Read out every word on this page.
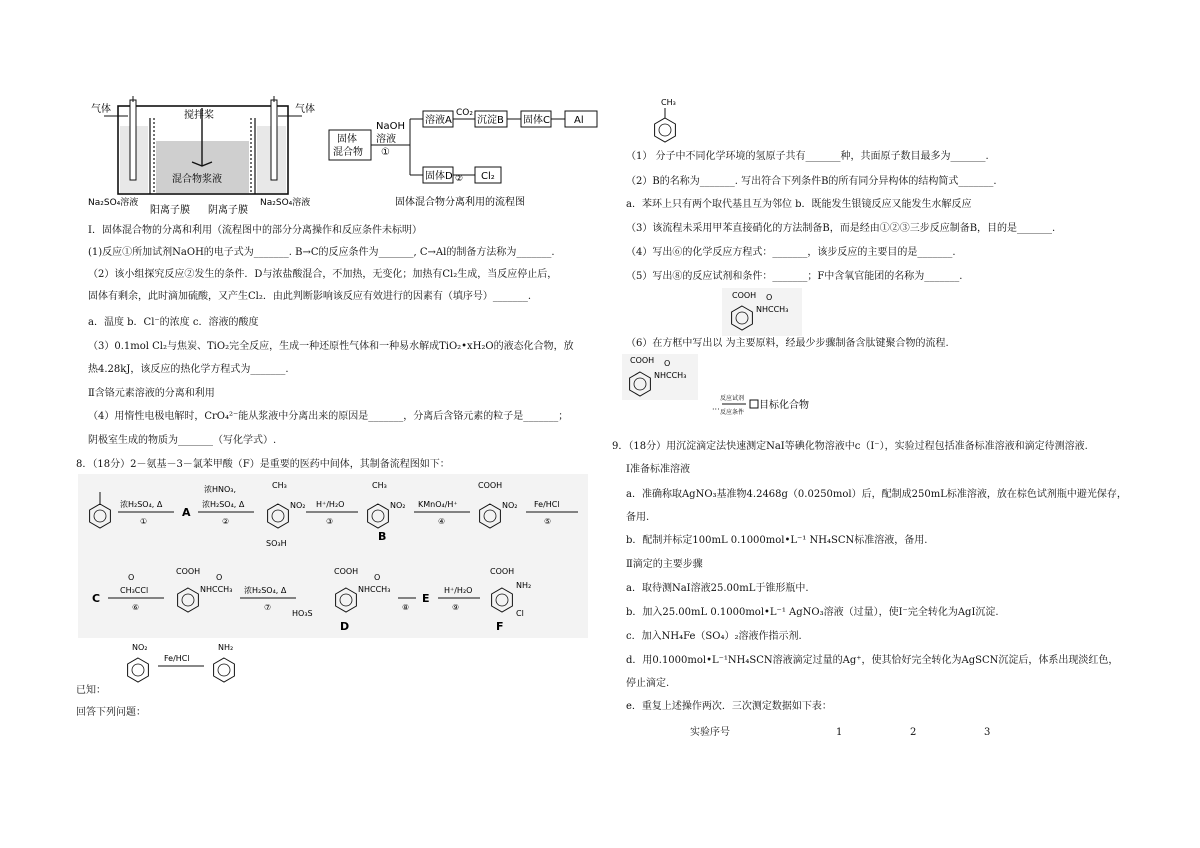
气体	气体
搅拌桨
混合物浆液
Na₂SO₄溶液	Na₂SO₄溶液
阳离子膜 阴离子膜
固体
混合物
NaOH
溶液
①
溶液A
CO₂
沉淀B 固体C Al
固体D ② Cl₂
固体混合物分离利用的流程图
Ⅰ．固体混合物的分离和利用（流程图中的部分分离操作和反应条件未标明）
(1)反应①所加试剂NaOH的电子式为_______. B→C的反应条件为_______, C→Al的制备方法称为_______.
（2）该小组探究反应②发生的条件．D与浓盐酸混合，不加热，无变化；加热有Cl₂生成，当反应停止后，
固体有剩余，此时滴加硫酸，又产生Cl₂．由此判断影响该反应有效进行的因素有（填序号）_______.
a．温度 b．Cl⁻的浓度 c．溶液的酸度
（3）0.1mol Cl₂与焦炭、TiO₂完全反应，生成一种还原性气体和一种易水解成TiO₂•xH₂O的液态化合物，放
热4.28kJ，该反应的热化学方程式为_______.
Ⅱ含铬元素溶液的分离和利用
（4）用惰性电极电解时，CrO₄²⁻能从浆液中分离出来的原因是_______，分离后含铬元素的粒子是_______；
阴极室生成的物质为_______（写化学式）.
8．（18分）2－氨基－3－氯苯甲酸（F）是重要的医药中间体，其制备流程图如下：
浓H₂SO₄, Δ
①
A
浓HNO₃,
浓H₂SO₄, Δ
②
CH₃
NO₂
SO₃H
H⁺/H₂O
③
CH₃
NO₂
B
KMnO₄/H⁺
④
COOH
NO₂ Fe/HCl
⑤
C
O
CH₃CCl
⑥
COOH
NHCCH₃
O
浓H₂SO₄, Δ
⑦
COOH
NHCCH₃
O
HO₃S
D
⑧
E
H⁺/H₂O
⑨
COOH
NH₂
Cl
F
NO₂
Fe/HCl
NH₂
已知：
回答下列问题：
CH₃
（1） 分子中不同化学环境的氢原子共有_______种，共面原子数目最多为_______.
（2）B的名称为_______. 写出符合下列条件B的所有同分异构体的结构简式_______.
a．苯环上只有两个取代基且互为邻位 b．既能发生银镜反应又能发生水解反应
（3）该流程未采用甲苯直接硝化的方法制备B，而是经由①②③三步反应制备B，目的是_______.
（4）写出⑥的化学反应方程式：_______，该步反应的主要目的是_______.
（5）写出⑧的反应试剂和条件：_______；F中含氧官能团的名称为_______.
COOH O
NHCCH₃
（6）在方框中写出以 为主要原料，经最少步骤制备含肽键聚合物的流程.
COOH O
NHCCH₃
···
反应试剂
反应条件
目标化合物
9．（18分）用沉淀滴定法快速测定NaI等碘化物溶液中c（I⁻），实验过程包括准备标准溶液和滴定待测溶液.
Ⅰ准备标准溶液
a．准确称取AgNO₃基准物4.2468g（0.0250mol）后，配制成250mL标准溶液，放在棕色试剂瓶中避光保存，
备用.
b．配制并标定100mL 0.1000mol•L⁻¹ NH₄SCN标准溶液，备用.
Ⅱ滴定的主要步骤
a．取待测NaI溶液25.00mL于锥形瓶中.
b．加入25.00mL 0.1000mol•L⁻¹ AgNO₃溶液（过量），使I⁻完全转化为AgI沉淀.
c．加入NH₄Fe（SO₄）₂溶液作指示剂.
d．用0.1000mol•L⁻¹NH₄SCN溶液滴定过量的Ag⁺，使其恰好完全转化为AgSCN沉淀后，体系出现淡红色，
停止滴定.
e．重复上述操作两次．三次测定数据如下表：
实验序号	1	2	3
